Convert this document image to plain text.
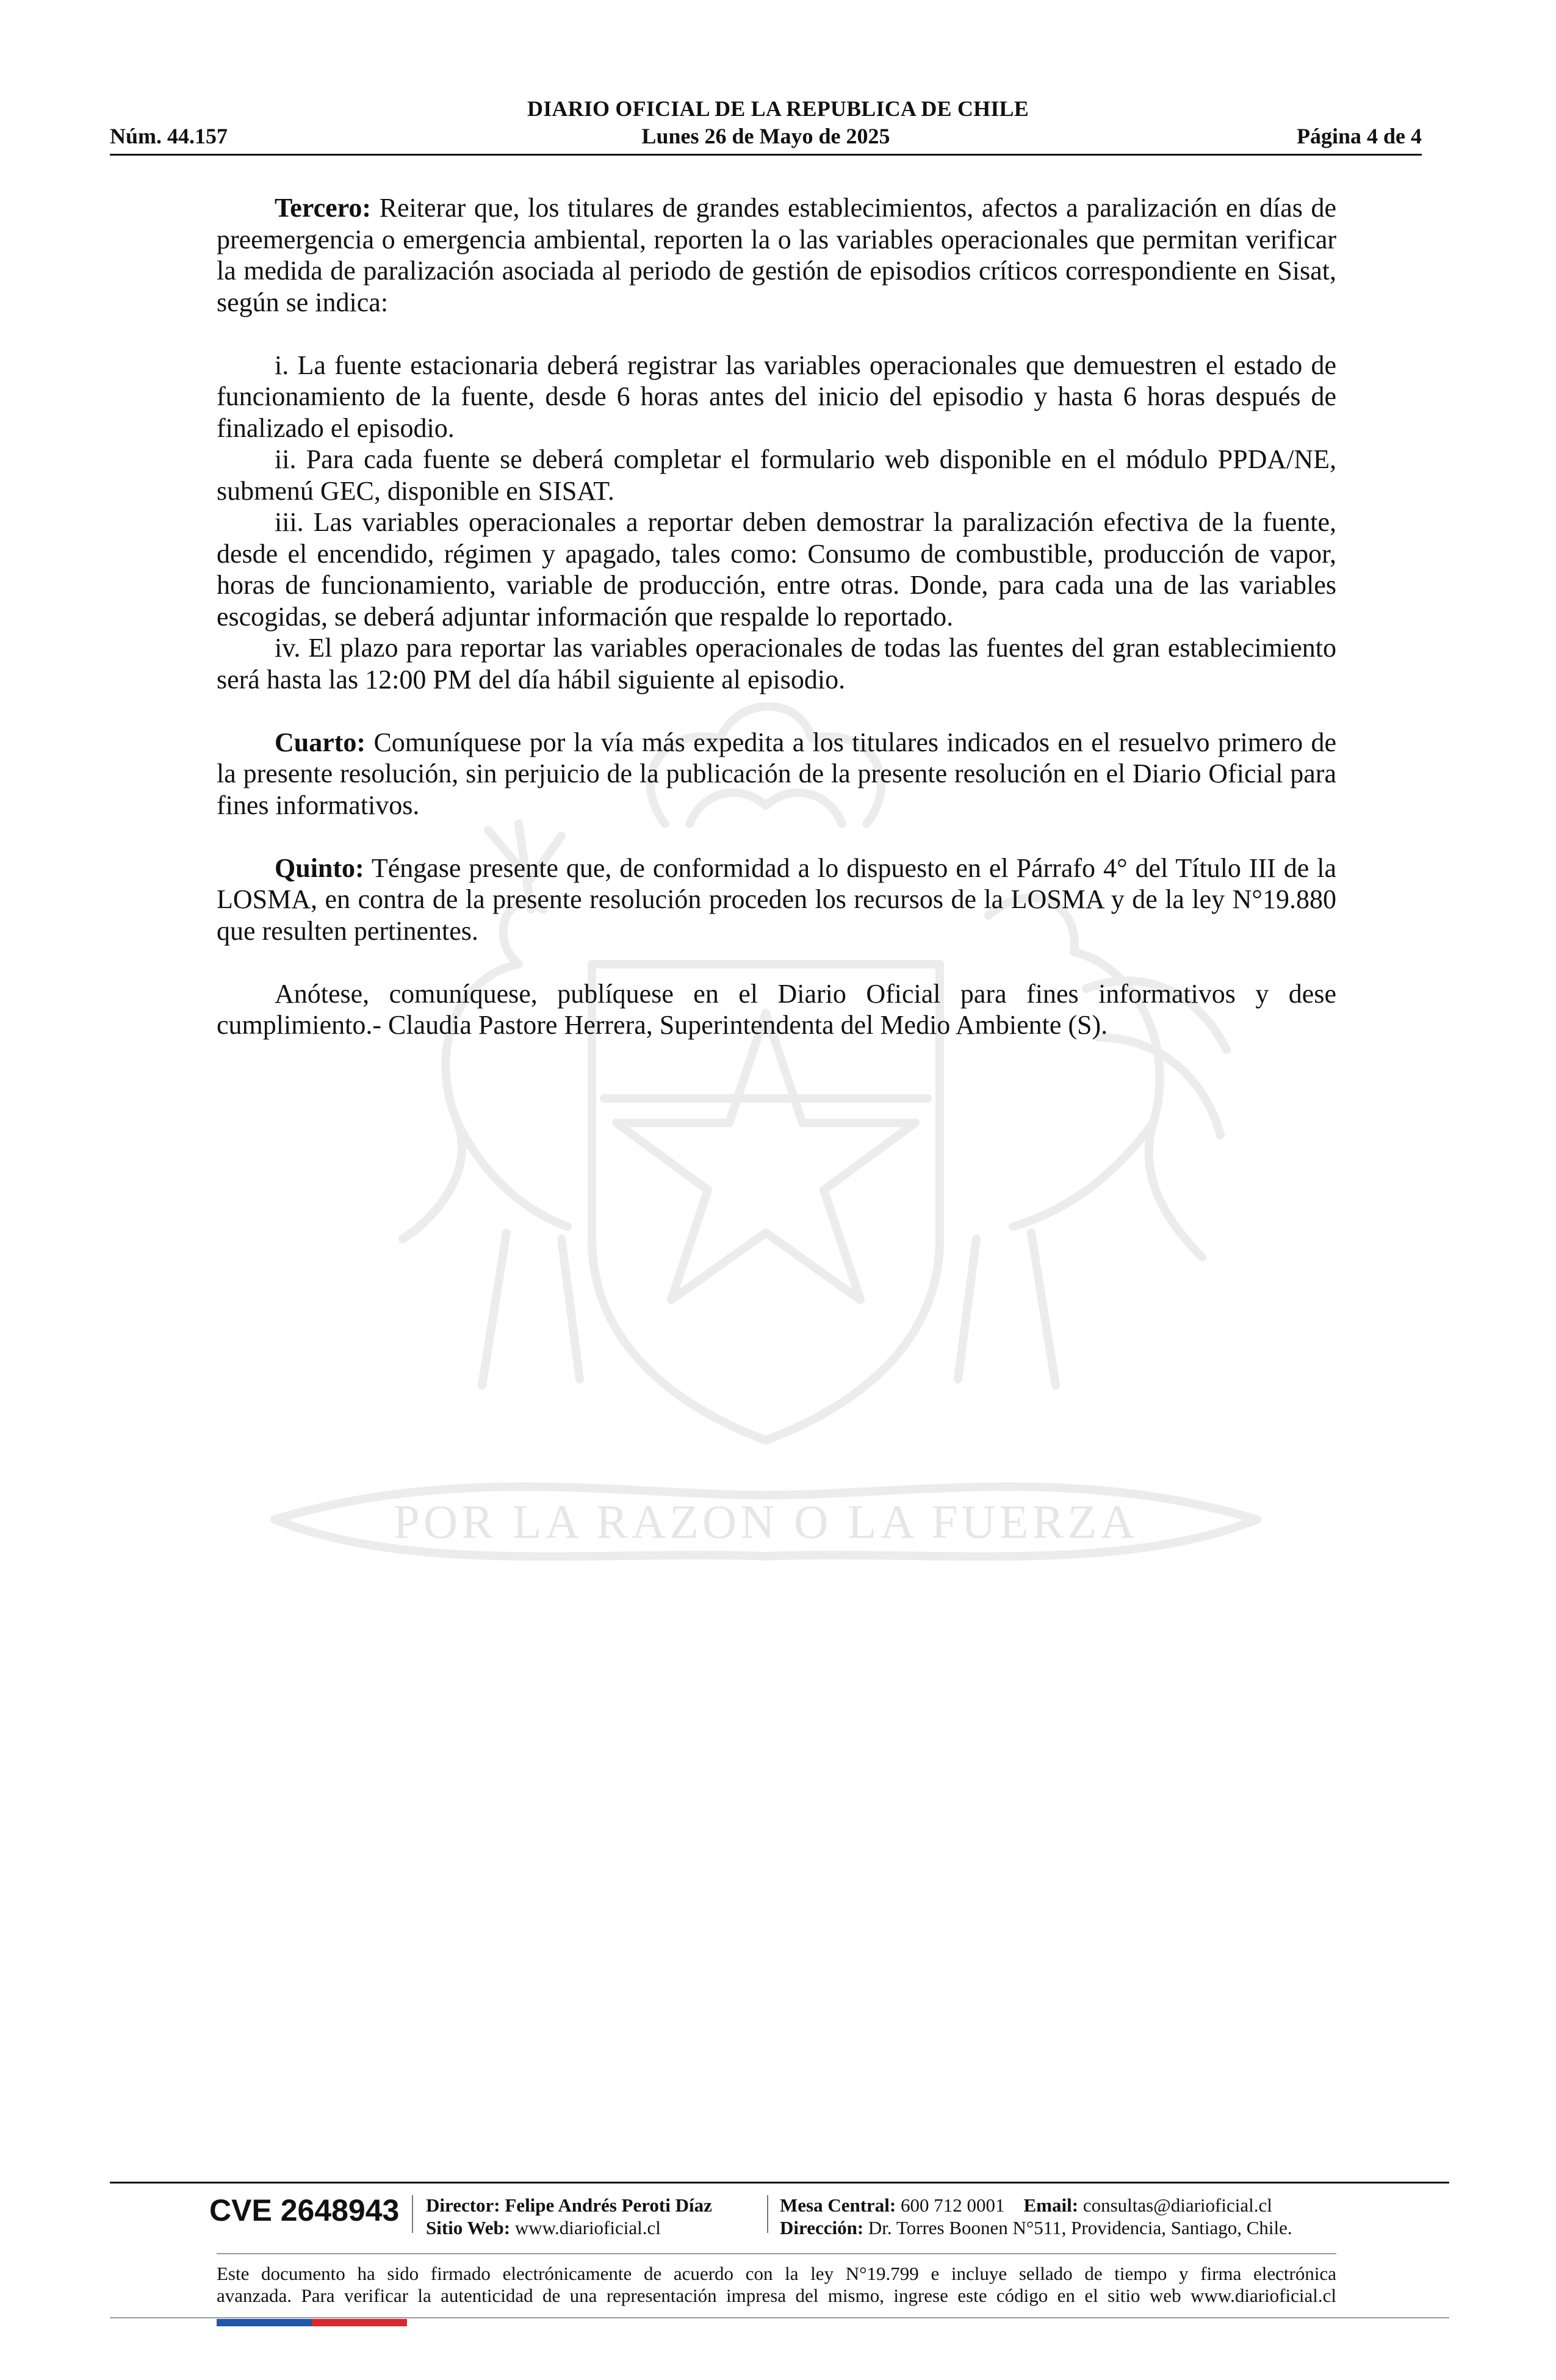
DIARIO OFICIAL DE LA REPUBLICA DE CHILE
Núm. 44.157	Lunes 26 de Mayo de 2025	Página 4 de 4
POR LA RAZON O LA FUERZA

Tercero: Reiterar que, los titulares de grandes establecimientos, afectos a paralización en días de preemergencia o emergencia ambiental, reporten la o las variables operacionales que permitan verificar la medida de paralización asociada al periodo de gestión de episodios críticos correspondiente en Sisat, según se indica:

i. La fuente estacionaria deberá registrar las variables operacionales que demuestren el estado de funcionamiento de la fuente, desde 6 horas antes del inicio del episodio y hasta 6 horas después de finalizado el episodio.

ii. Para cada fuente se deberá completar el formulario web disponible en el módulo PPDA/NE, submenú GEC, disponible en SISAT.

iii. Las variables operacionales a reportar deben demostrar la paralización efectiva de la fuente, desde el encendido, régimen y apagado, tales como: Consumo de combustible, producción de vapor, horas de funcionamiento, variable de producción, entre otras. Donde, para cada una de las variables escogidas, se deberá adjuntar información que respalde lo reportado.

iv. El plazo para reportar las variables operacionales de todas las fuentes del gran establecimiento será hasta las 12:00 PM del día hábil siguiente al episodio.

Cuarto: Comuníquese por la vía más expedita a los titulares indicados en el resuelvo primero de la presente resolución, sin perjuicio de la publicación de la presente resolución en el Diario Oficial para fines informativos.

Quinto: Téngase presente que, de conformidad a lo dispuesto en el Párrafo 4° del Título III de la LOSMA, en contra de la presente resolución proceden los recursos de la LOSMA y de la ley N°19.880 que resulten pertinentes.

Anótese, comuníquese, publíquese en el Diario Oficial para fines informativos y dese cumplimiento.- Claudia Pastore Herrera, Superintendenta del Medio Ambiente (S).

CVE 2648943 Director: Felipe Andrés Peroti Díaz
Sitio Web: www.diarioficial.cl
Mesa Central: 600 712 0001 Email: consultas@diarioficial.cl
Dirección: Dr. Torres Boonen N°511, Providencia, Santiago, Chile.
Este documento ha sido firmado electrónicamente de acuerdo con la ley N°19.799 e incluye sellado de tiempo y firma electrónica
avanzada. Para verificar la autenticidad de una representación impresa del mismo, ingrese este código en el sitio web www.diarioficial.cl
